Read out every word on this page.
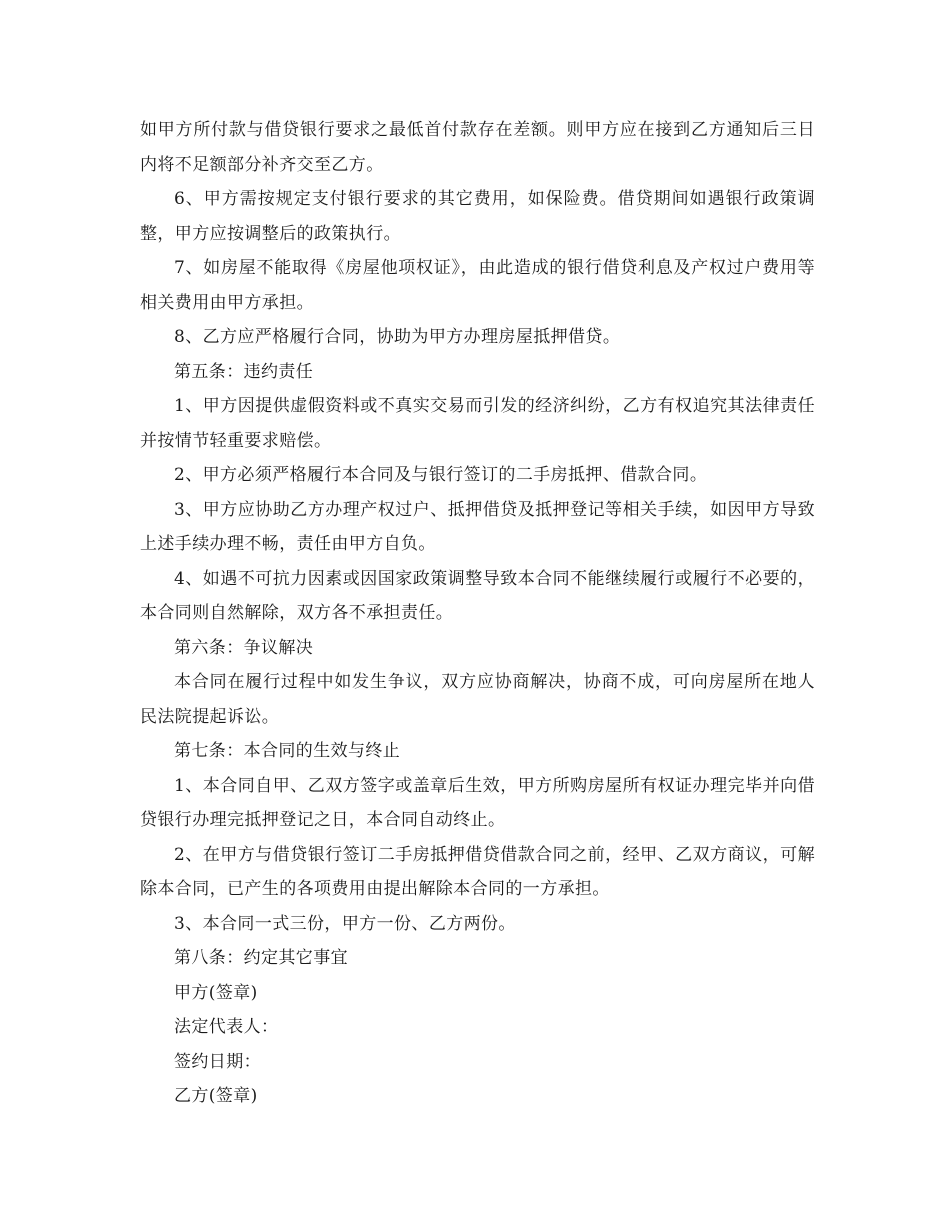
如甲方所付款与借贷银行要求之最低首付款存在差额。则甲方应在接到乙方通知后三日内将不足额部分补齐交至乙方。

6、甲方需按规定支付银行要求的其它费用，如保险费。借贷期间如遇银行政策调整，甲方应按调整后的政策执行。

7、如房屋不能取得《房屋他项权证》，由此造成的银行借贷利息及产权过户费用等相关费用由甲方承担。

8、乙方应严格履行合同，协助为甲方办理房屋抵押借贷。

第五条：违约责任

1、甲方因提供虚假资料或不真实交易而引发的经济纠纷，乙方有权追究其法律责任并按情节轻重要求赔偿。

2、甲方必须严格履行本合同及与银行签订的二手房抵押、借款合同。

3、甲方应协助乙方办理产权过户、抵押借贷及抵押登记等相关手续，如因甲方导致上述手续办理不畅，责任由甲方自负。

4、如遇不可抗力因素或因国家政策调整导致本合同不能继续履行或履行不必要的，本合同则自然解除，双方各不承担责任。

第六条：争议解决

本合同在履行过程中如发生争议，双方应协商解决，协商不成，可向房屋所在地人民法院提起诉讼。

第七条：本合同的生效与终止

1、本合同自甲、乙双方签字或盖章后生效，甲方所购房屋所有权证办理完毕并向借贷银行办理完抵押登记之日，本合同自动终止。

2、在甲方与借贷银行签订二手房抵押借贷借款合同之前，经甲、乙双方商议，可解除本合同，已产生的各项费用由提出解除本合同的一方承担。

3、本合同一式三份，甲方一份、乙方两份。

第八条：约定其它事宜

甲方(签章)

法定代表人：

签约日期：

乙方(签章)
